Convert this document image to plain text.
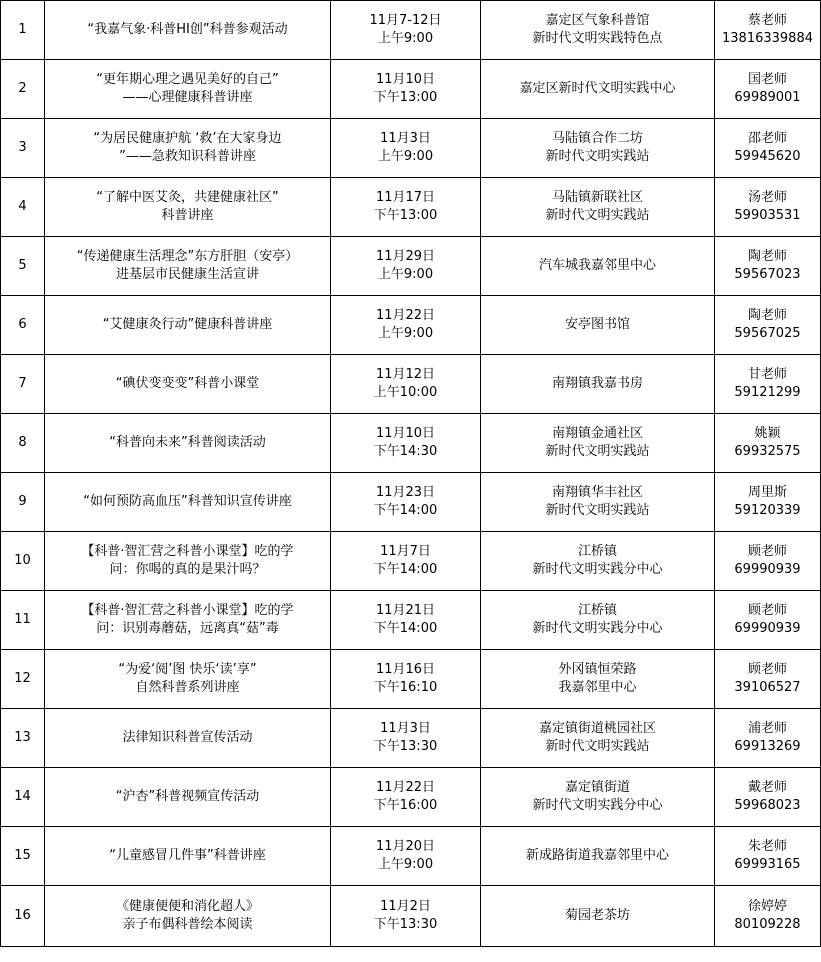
1	“我嘉气象·科普HI创”科普参观活动	11月7-12日
上午9:00	嘉定区气象科普馆
新时代文明实践特色点	蔡老师
13816339884

2	“更年期心理之遇见美好的自己”
——心理健康科普讲座	11月10日
下午13:00	嘉定区新时代文明实践中心	国老师
69989001

3	“为居民健康护航 ‘救’在大家身边
”——急救知识科普讲座	11月3日
上午9:00	马陆镇合作二坊
新时代文明实践站	邵老师
59945620

4	“了解中医艾灸，共建健康社区”
科普讲座	11月17日
下午13:00	马陆镇新联社区
新时代文明实践站	汤老师
59903531

5	“传递健康生活理念”东方肝胆（安亭）
进基层市民健康生活宣讲	11月29日
上午9:00	汽车城我嘉邻里中心	陶老师
59567023

6	“艾健康灸行动”健康科普讲座	11月22日
上午9:00	安亭图书馆	陶老师
59567025

7	“碘伏变变变”科普小课堂	11月12日
上午10:00	南翔镇我嘉书房	甘老师
59121299

8	“科普向未来”科普阅读活动	11月10日
下午14:30	南翔镇金通社区
新时代文明实践站	姚颖
69932575

9	“如何预防高血压”科普知识宣传讲座	11月23日
下午14:00	南翔镇华丰社区
新时代文明实践站	周里斯
59120339

10	【科普·智汇营之科普小课堂】吃的学
问：你喝的真的是果汁吗？	11月7日
下午14:00	江桥镇
新时代文明实践分中心	顾老师
69990939

11	【科普·智汇营之科普小课堂】吃的学
问：识别毒蘑菇，远离真“菇”毒	11月21日
下午14:00	江桥镇
新时代文明实践分中心	顾老师
69990939

12	“为爱‘阅’图 快乐‘读’享”
自然科普系列讲座	11月16日
下午16:10	外冈镇恒荣路
我嘉邻里中心	顾老师
39106527

13	法律知识科普宣传活动	11月3日
下午13:30	嘉定镇街道桃园社区
新时代文明实践站	浦老师
69913269

14	“沪杏”科普视频宣传活动	11月22日
下午16:00	嘉定镇街道
新时代文明实践分中心	戴老师
59968023

15	“儿童感冒几件事”科普讲座	11月20日
上午9:00	新成路街道我嘉邻里中心	朱老师
69993165

16	《健康便便和消化超人》
亲子布偶科普绘本阅读	11月2日
下午13:30	菊园老茶坊	徐婷婷
80109228
